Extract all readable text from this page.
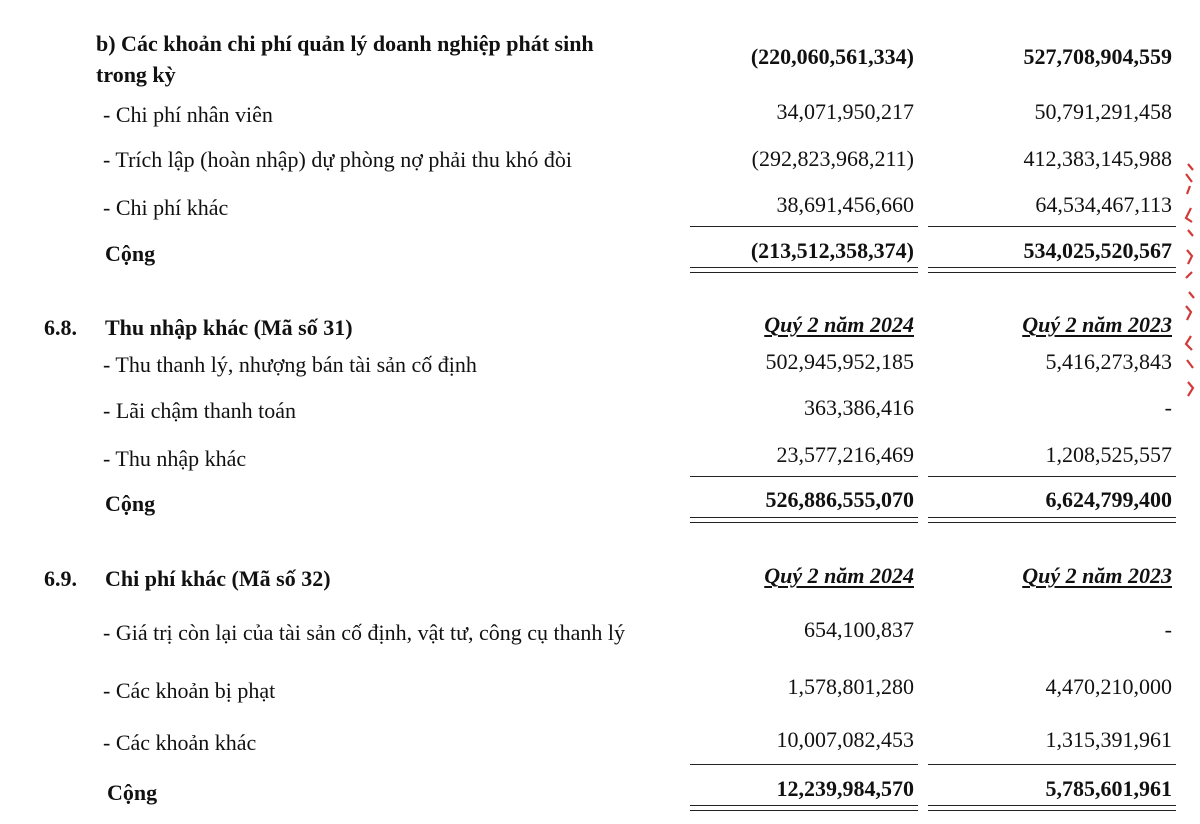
b) Các khoản chi phí quản lý doanh nghiệp phát sinh
trong kỳ
(220,060,561,334)	527,708,904,559
- Chi phí nhân viên	34,071,950,217	50,791,291,458
- Trích lập (hoàn nhập) dự phòng nợ phải thu khó đòi	(292,823,968,211)	412,383,145,988
- Chi phí khác	38,691,456,660	64,534,467,113
Cộng	(213,512,358,374)	534,025,520,567
6.8. Thu nhập khác (Mã số 31)	Quý 2 năm 2024	Quý 2 năm 2023
- Thu thanh lý, nhượng bán tài sản cố định	502,945,952,185	5,416,273,843
- Lãi chậm thanh toán	363,386,416	-
- Thu nhập khác	23,577,216,469	1,208,525,557
Cộng	526,886,555,070	6,624,799,400
6.9. Chi phí khác (Mã số 32)	Quý 2 năm 2024	Quý 2 năm 2023
- Giá trị còn lại của tài sản cố định, vật tư, công cụ thanh lý	654,100,837	-
- Các khoản bị phạt	1,578,801,280	4,470,210,000
- Các khoản khác	10,007,082,453	1,315,391,961
Cộng	12,239,984,570	5,785,601,961
